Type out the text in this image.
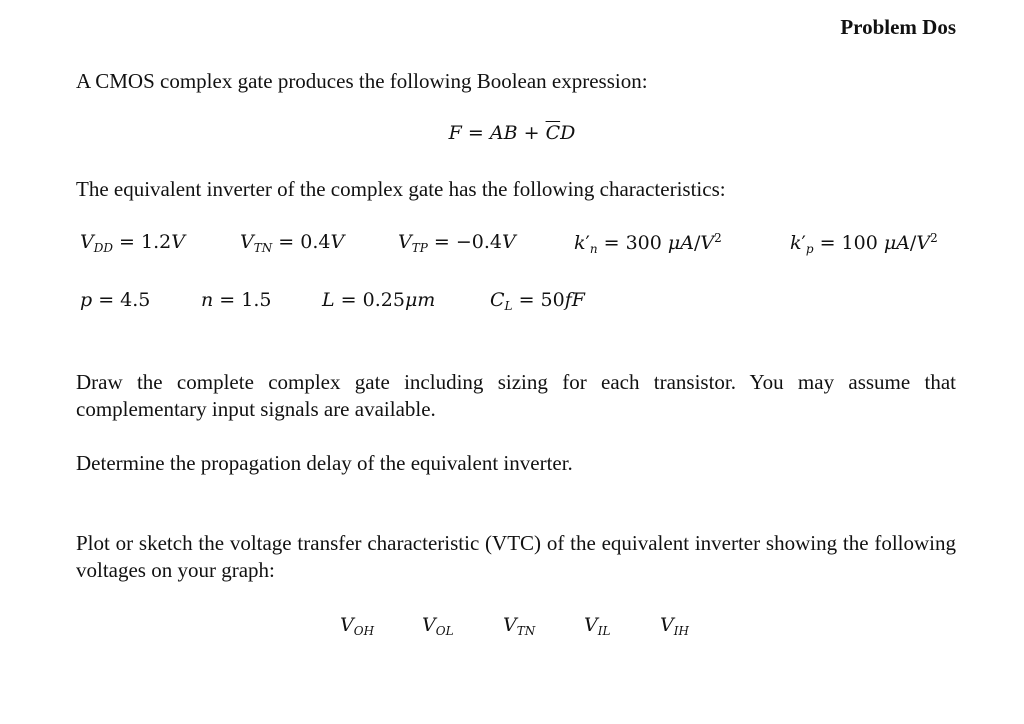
Problem Dos
A CMOS complex gate produces the following Boolean expression:
F = AB + $\overline{C}D$
The equivalent inverter of the complex gate has the following characteristics:
$V_{DD} = 1.2V$	$V_{TN} = 0.4V$	$V_{TP} = -0.4V$	$k'_n = 300$ $\mu A/V^2$	$k'_p = 100$ $\mu A/V^2$
p = 4.5	n = 1.5	L = 0.25μm	$C_L = 50fF$
Draw the complete complex gate including sizing for each transistor. You may assume that complementary input signals are available.
Determine the propagation delay of the equivalent inverter.
Plot or sketch the voltage transfer characteristic (VTC) of the equivalent inverter showing the following voltages on your graph:
$V_{OH}$	$V_{OL}$	$V_{TN}$	$V_{IL}$	$V_{IH}$
